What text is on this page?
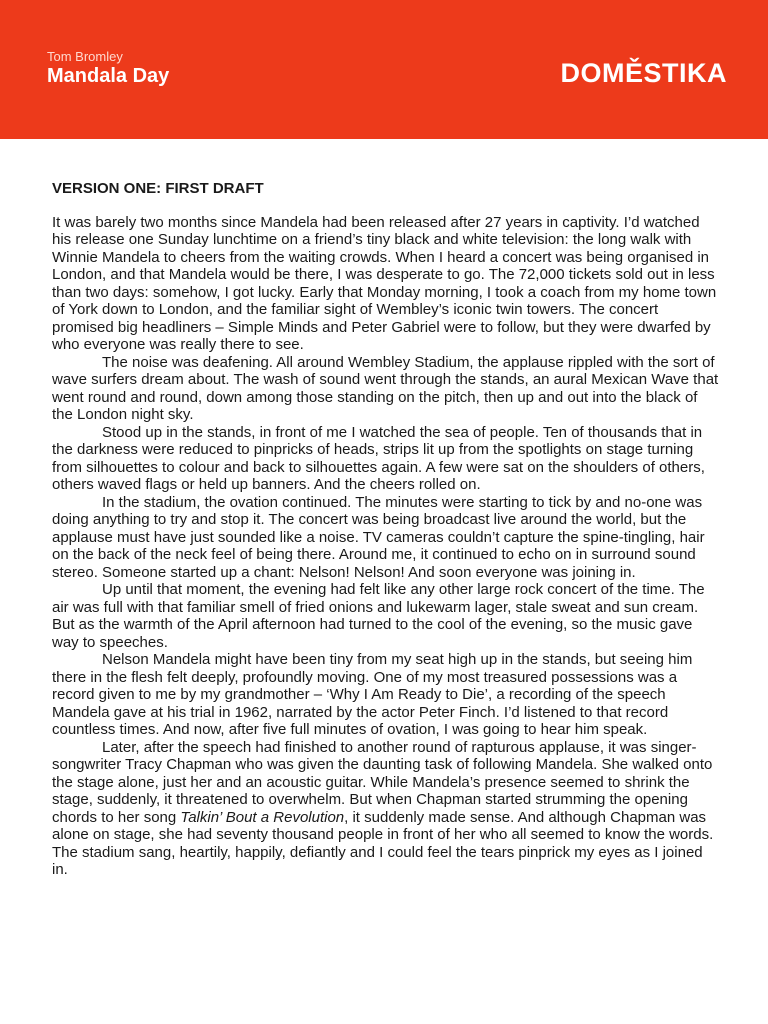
Tom Bromley
Mandala Day	DOMĚSTIKA
VERSION ONE: FIRST DRAFT

It was barely two months since Mandela had been released after 27 years in captivity. I’d watched his release one Sunday lunchtime on a friend’s tiny black and white television: the long walk with Winnie Mandela to cheers from the waiting crowds. When I heard a concert was being organised in London, and that Mandela would be there, I was desperate to go. The 72,000 tickets sold out in less than two days: somehow, I got lucky. Early that Monday morning, I took a coach from my home town of York down to London, and the familiar sight of Wembley’s iconic twin towers. The concert promised big headliners – Simple Minds and Peter Gabriel were to follow, but they were dwarfed by who everyone was really there to see.

The noise was deafening. All around Wembley Stadium, the applause rippled with the sort of wave surfers dream about. The wash of sound went through the stands, an aural Mexican Wave that went round and round, down among those standing on the pitch, then up and out into the black of the London night sky.

Stood up in the stands, in front of me I watched the sea of people. Ten of thousands that in the darkness were reduced to pinpricks of heads, strips lit up from the spotlights on stage turning from silhouettes to colour and back to silhouettes again. A few were sat on the shoulders of others, others waved flags or held up banners. And the cheers rolled on.

In the stadium, the ovation continued. The minutes were starting to tick by and no-one was doing anything to try and stop it. The concert was being broadcast live around the world, but the applause must have just sounded like a noise. TV cameras couldn’t capture the spine-tingling, hair on the back of the neck feel of being there. Around me, it continued to echo on in surround sound stereo. Someone started up a chant: Nelson! Nelson! And soon everyone was joining in.

Up until that moment, the evening had felt like any other large rock concert of the time. The air was full with that familiar smell of fried onions and lukewarm lager, stale sweat and sun cream. But as the warmth of the April afternoon had turned to the cool of the evening, so the music gave way to speeches.

Nelson Mandela might have been tiny from my seat high up in the stands, but seeing him there in the flesh felt deeply, profoundly moving. One of my most treasured possessions was a record given to me by my grandmother – ‘Why I Am Ready to Die’, a recording of the speech Mandela gave at his trial in 1962, narrated by the actor Peter Finch. I’d listened to that record countless times. And now, after five full minutes of ovation, I was going to hear him speak.

Later, after the speech had finished to another round of rapturous applause, it was singer-songwriter Tracy Chapman who was given the daunting task of following Mandela. She walked onto the stage alone, just her and an acoustic guitar. While Mandela’s presence seemed to shrink the stage, suddenly, it threatened to overwhelm. But when Chapman started strumming the opening chords to her song Talkin’ Bout a Revolution, it suddenly made sense. And although Chapman was alone on stage, she had seventy thousand people in front of her who all seemed to know the words. The stadium sang, heartily, happily, defiantly and I could feel the tears pinprick my eyes as I joined in.
